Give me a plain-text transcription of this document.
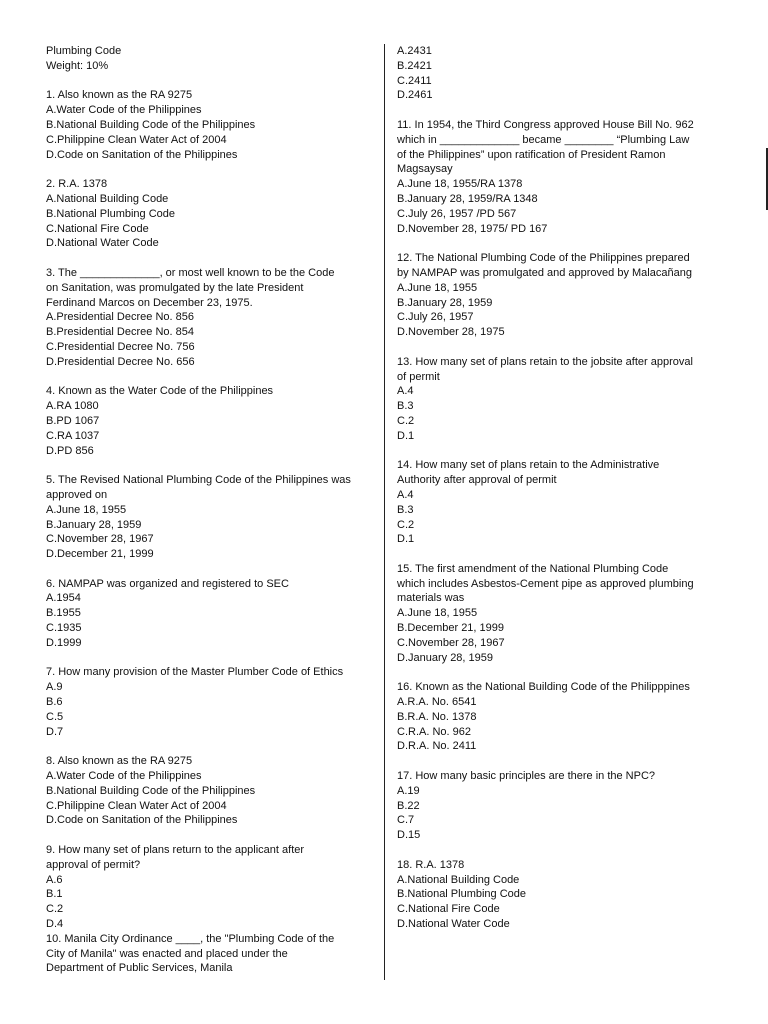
Plumbing Code
Weight: 10%
1. Also known as the RA 9275
A.Water Code of the Philippines
B.National Building Code of the Philippines
C.Philippine Clean Water Act of 2004
D.Code on Sanitation of the Philippines
2. R.A. 1378
A.National Building Code
B.National Plumbing Code
C.National Fire Code
D.National Water Code
3. The _____________, or most well known to be the Code
on Sanitation, was promulgated by the late President
Ferdinand Marcos on December 23, 1975.
A.Presidential Decree No. 856
B.Presidential Decree No. 854
C.Presidential Decree No. 756
D.Presidential Decree No. 656
4. Known as the Water Code of the Philippines
A.RA 1080
B.PD 1067
C.RA 1037
D.PD 856
5. The Revised National Plumbing Code of the Philippines was
approved on
A.June 18, 1955
B.January 28, 1959
C.November 28, 1967
D.December 21, 1999
6. NAMPAP was organized and registered to SEC
A.1954
B.1955
C.1935
D.1999
7. How many provision of the Master Plumber Code of Ethics
A.9
B.6
C.5
D.7
8. Also known as the RA 9275
A.Water Code of the Philippines
B.National Building Code of the Philippines
C.Philippine Clean Water Act of 2004
D.Code on Sanitation of the Philippines
9. How many set of plans return to the applicant after
approval of permit?
A.6
B.1
C.2
D.4
10. Manila City Ordinance ____, the "Plumbing Code of the
City of Manila" was enacted and placed under the
Department of Public Services, Manila
A.2431
B.2421
C.2411
D.2461
11. In 1954, the Third Congress approved House Bill No. 962
which in _____________ became ________ “Plumbing Law
of the Philippines” upon ratification of President Ramon
Magsaysay
A.June 18, 1955/RA 1378
B.January 28, 1959/RA 1348
C.July 26, 1957 /PD 567
D.November 28, 1975/ PD 167
12. The National Plumbing Code of the Philippines prepared
by NAMPAP was promulgated and approved by Malacañang
A.June 18, 1955
B.January 28, 1959
C.July 26, 1957
D.November 28, 1975
13. How many set of plans retain to the jobsite after approval
of permit
A.4
B.3
C.2
D.1
14. How many set of plans retain to the Administrative
Authority after approval of permit
A.4
B.3
C.2
D.1
15. The first amendment of the National Plumbing Code
which includes Asbestos-Cement pipe as approved plumbing
materials was
A.June 18, 1955
B.December 21, 1999
C.November 28, 1967
D.January 28, 1959
16. Known as the National Building Code of the Philipppines
A.R.A. No. 6541
B.R.A. No. 1378
C.R.A. No. 962
D.R.A. No. 2411
17. How many basic principles are there in the NPC?
A.19
B.22
C.7
D.15
18. R.A. 1378
A.National Building Code
B.National Plumbing Code
C.National Fire Code
D.National Water Code
